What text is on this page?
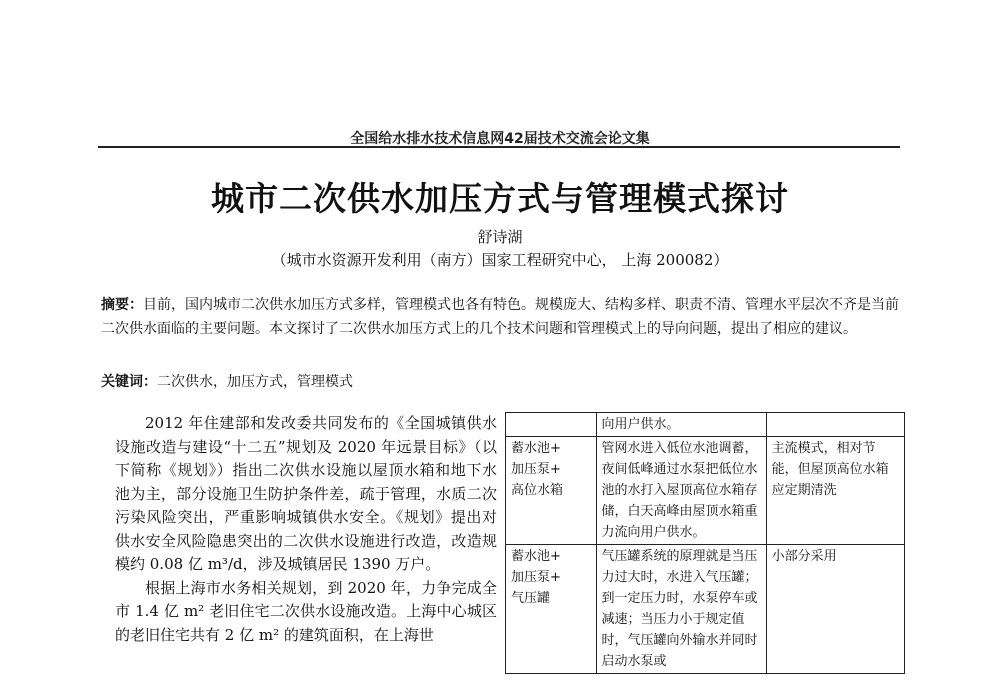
全国给水排水技术信息网42届技术交流会论文集
城市二次供水加压方式与管理模式探讨
舒诗湖
（城市水资源开发利用（南方）国家工程研究中心， 上海 200082）
摘要：目前，国内城市二次供水加压方式多样，管理模式也各有特色。规模庞大、结构多样、职责不清、管理水平层次不齐是当前二次供水面临的主要问题。本文探讨了二次供水加压方式上的几个技术问题和管理模式上的导向问题，提出了相应的建议。
关键词：二次供水，加压方式，管理模式

2012 年住建部和发改委共同发布的《全国城镇供水设施改造与建设“十二五”规划及 2020 年远景目标》（以下简称《规划》）指出二次供水设施以屋顶水箱和地下水池为主，部分设施卫生防护条件差，疏于管理，水质二次污染风险突出，严重影响城镇供水安全。《规划》提出对供水安全风险隐患突出的二次供水设施进行改造，改造规模约 0.08 亿 m³/d，涉及城镇居民 1390 万户。

根据上海市水务相关规划，到 2020 年，力争完成全市 1.4 亿 m² 老旧住宅二次供水设施改造。上海中心城区的老旧住宅共有 2 亿 m² 的建筑面积，在上海世

	向用户供水。	
蓄水池+
加压泵+
高位水箱	管网水进入低位水池调蓄，夜间低峰通过水泵把低位水池的水打入屋顶高位水箱存储，白天高峰由屋顶水箱重力流向用户供水。	主流模式，相对节能，但屋顶高位水箱应定期清洗
蓄水池+
加压泵+
气压罐	气压罐系统的原理就是当压力过大时，水进入气压罐；到一定压力时，水泵停车或减速；当压力小于规定值时，气压罐向外输水并同时启动水泵或	小部分采用
